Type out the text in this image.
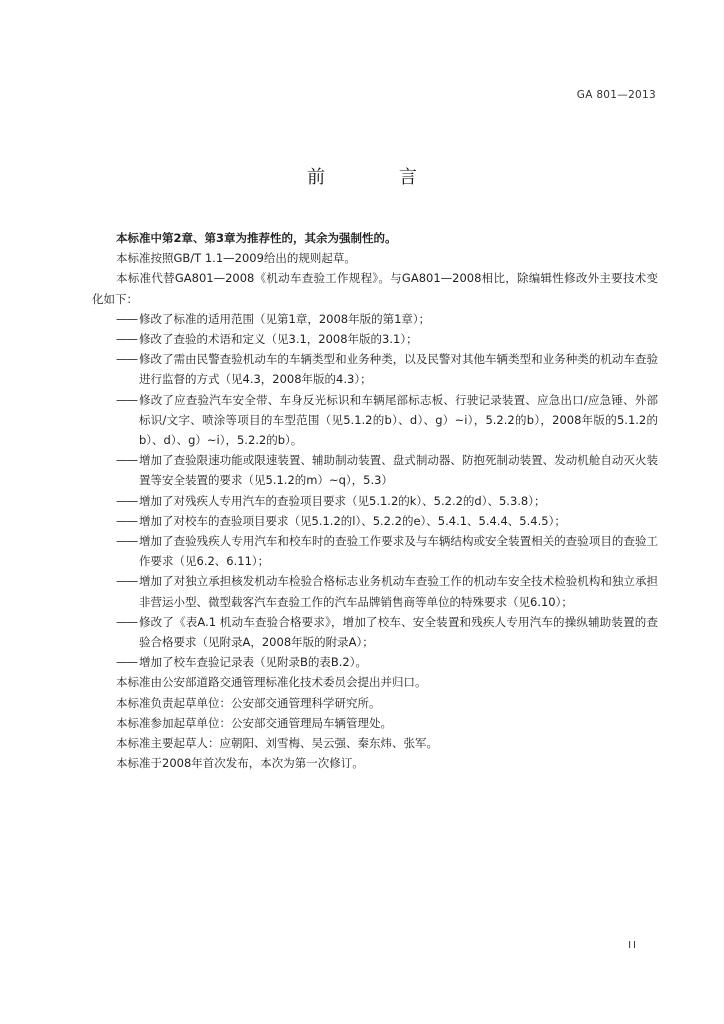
GA 801—2013
前 言

本标准中第2章、第3章为推荐性的，其余为强制性的。

本标准按照GB/T 1.1—2009给出的规则起草。

本标准代替GA801—2008《机动车查验工作规程》。与GA801—2008相比，除编辑性修改外主要技术变化如下：

—— 修改了标准的适用范围（见第1章，2008年版的第1章）；
—— 修改了查验的术语和定义（见3.1，2008年版的3.1）；
—— 修改了需由民警查验机动车的车辆类型和业务种类，以及民警对其他车辆类型和业务种类的机动车查验进行监督的方式（见4.3，2008年版的4.3）；
—— 修改了应查验汽车安全带、车身反光标识和车辆尾部标志板、行驶记录装置、应急出口/应急锤、外部标识/文字、喷涂等项目的车型范围（见5.1.2的b）、d）、g）~i），5.2.2的b），2008年版的5.1.2的b）、d）、g）~i），5.2.2的b）。
—— 增加了查验限速功能或限速装置、辅助制动装置、盘式制动器、防抱死制动装置、发动机舱自动灭火装置等安全装置的要求（见5.1.2的m）~q），5.3）
—— 增加了对残疾人专用汽车的查验项目要求（见5.1.2的k）、5.2.2的d）、5.3.8）；
—— 增加了对校车的查验项目要求（见5.1.2的l）、5.2.2的e）、5.4.1、5.4.4、5.4.5）；
—— 增加了查验残疾人专用汽车和校车时的查验工作要求及与车辆结构或安全装置相关的查验项目的查验工作要求（见6.2、6.11）；
—— 增加了对独立承担核发机动车检验合格标志业务机动车查验工作的机动车安全技术检验机构和独立承担非营运小型、微型载客汽车查验工作的汽车品牌销售商等单位的特殊要求（见6.10）；
—— 修改了《表A.1 机动车查验合格要求》，增加了校车、安全装置和残疾人专用汽车的操纵辅助装置的查验合格要求（见附录A，2008年版的附录A）；
—— 增加了校车查验记录表（见附录B的表B.2）。

本标准由公安部道路交通管理标准化技术委员会提出并归口。

本标准负责起草单位：公安部交通管理科学研究所。

本标准参加起草单位：公安部交通管理局车辆管理处。

本标准主要起草人：应朝阳、刘雪梅、吴云强、秦东炜、张军。

本标准于2008年首次发布，本次为第一次修订。

II
